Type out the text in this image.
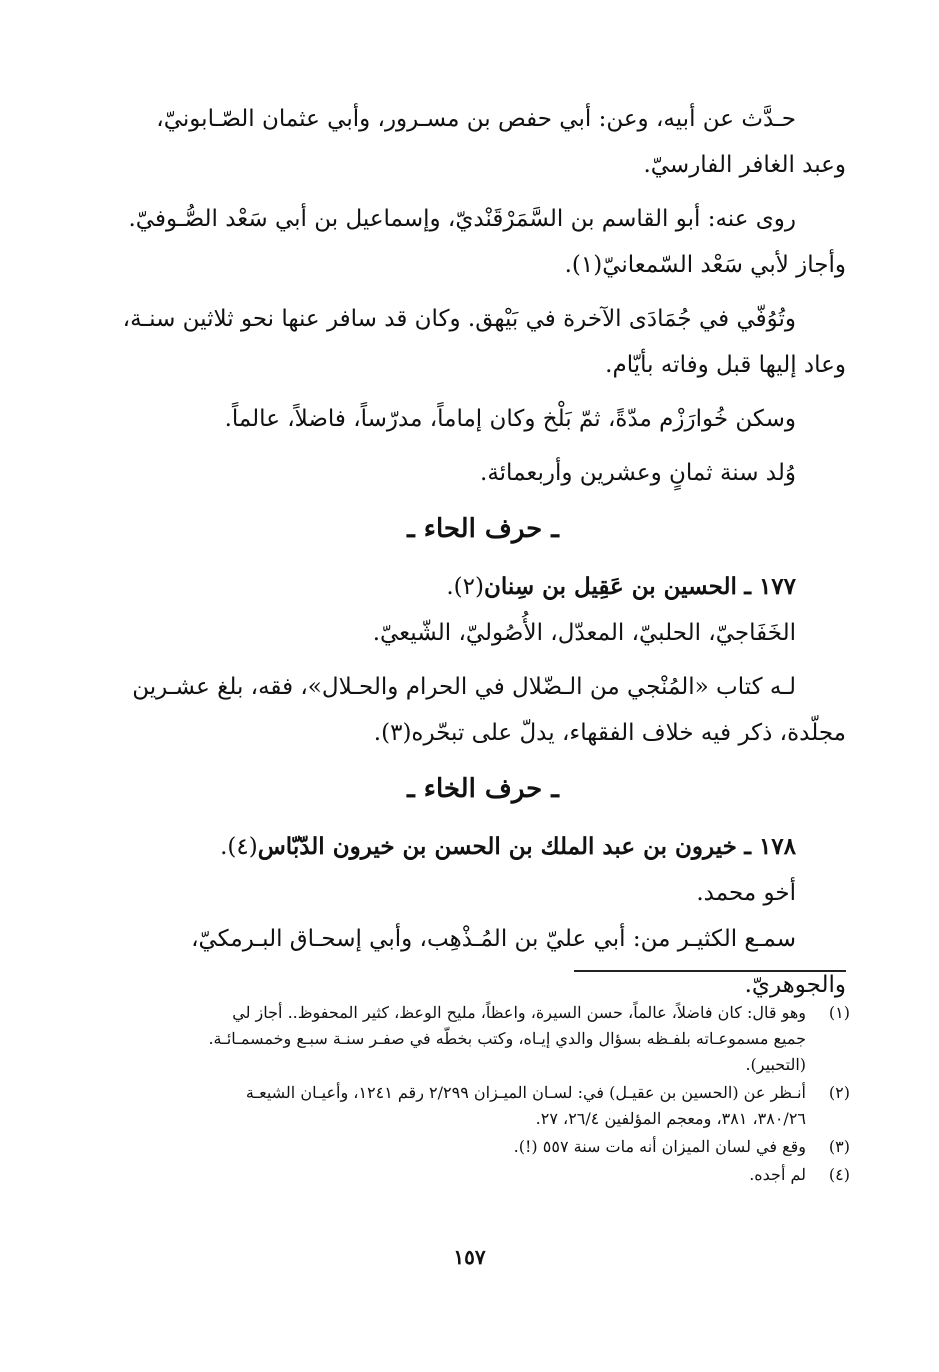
حـدَّث عن أبيه، وعن: أبي حفص بن مسـرور، وأبي عثمان الصّـابونيّ،
وعبد الغافر الفارسيّ.

روى عنه: أبو القاسم بن السَّمَرْقَنْديّ، وإسماعيل بن أبي سَعْد الصُّـوفيّ.
وأجاز لأبي سَعْد السّمعانيّ(١).

وتُوُفّي في جُمَادَى الآخرة في بَيْهق. وكان قد سافر عنها نحو ثلاثين سنـة،
وعاد إليها قبل وفاته بأيّام.

وسكن خُوارَزْم مدّةً، ثمّ بَلْخ وكان إماماً، مدرّساً، فاضلاً، عالماً.

وُلد سنة ثمانٍ وعشرين وأربعمائة.

ـ حرف الحاء ـ

١٧٧ ـ الحسين بن عَقِيل بن سِنان(٢).
الخَفَاجيّ، الحلبيّ، المعدّل، الأُصُوليّ، الشّيعيّ.

لـه كتاب «المُنْجي من الـضّلال في الحرام والحـلال»، فقه، بلغ عشـرين
مجلّدة، ذكر فيه خلاف الفقهاء، يدلّ على تبحّره(٣).

ـ حرف الخاء ـ

١٧٨ ـ خيرون بن عبد الملك بن الحسن بن خيرون الدّبّاس(٤).
أخو محمد.
سمـع الكثيـر من: أبي عليّ بن المُـذْهِب، وأبي إسحـاق البـرمكيّ،
والجوهريّ.

(١)
وهو قال: كان فاضلاً، عالماً، حسن السيرة، واعظاً، مليح الوعظ، كثير المحفوظ.. أجاز لي
جميع مسموعـاته بلفـظه بسؤال والدي إيـاه، وكتب بخطّه في صفـر سنـة سبـع وخمسمـائـة.
(التحبير).
(٢)
أنـظر عن (الحسين بن عقيـل) في: لسـان الميـزان ٢/٢٩٩ رقم ١٢٤١، وأعيـان الشيعـة
٣٨٠/٢٦، ٣٨١، ومعجم المؤلفين ٢٦/٤، ٢٧.
(٣)
وقع في لسان الميزان أنه مات سنة ٥٥٧ (!).
(٤)
لم أجده.
١٥٧
